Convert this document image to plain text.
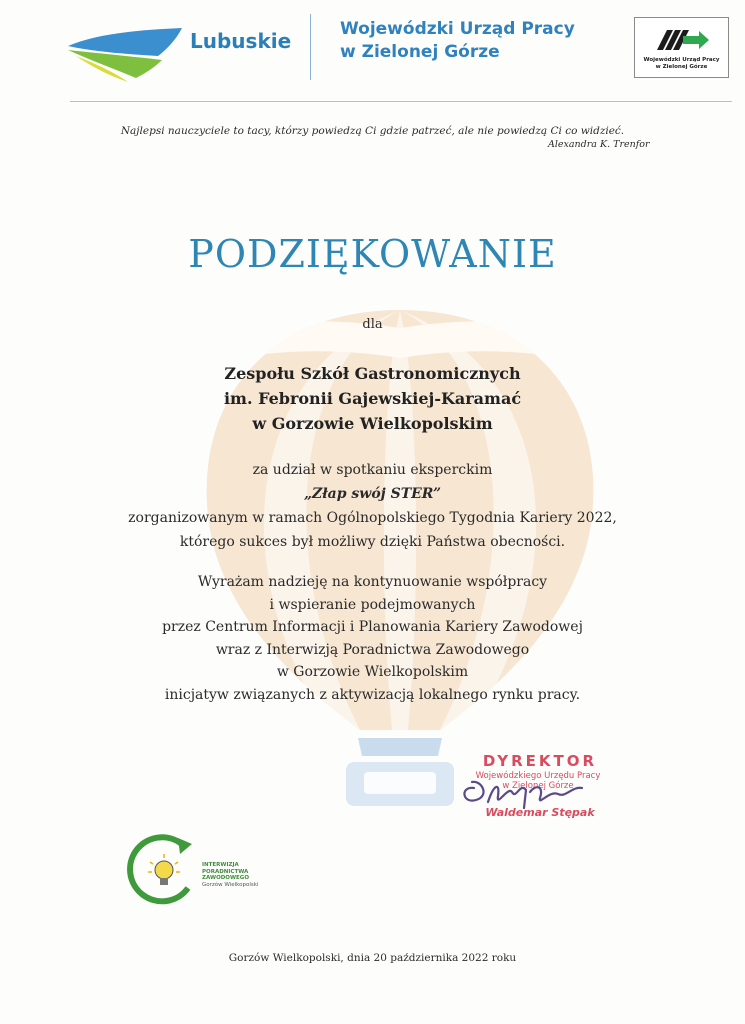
Lubuskie	Wojewódzki Urząd Pracy
w Zielonej Górze	Wojewódzki Urząd Pracy
w Zielonej Górze
Najlepsi nauczyciele to tacy, którzy powiedzą Ci gdzie patrzeć, ale nie powiedzą Ci co widzieć.
Alexandra K. Trenfor
PODZIĘKOWANIE
dla
Zespołu Szkół Gastronomicznych
im. Febronii Gajewskiej-Karamać
w Gorzowie Wielkopolskim
za udział w spotkaniu eksperckim
„Złap swój STER”
zorganizowanym w ramach Ogólnopolskiego Tygodnia Kariery 2022,
którego sukces był możliwy dzięki Państwa obecności.
Wyrażam nadzieję na kontynuowanie współpracy
i wspieranie podejmowanych
przez Centrum Informacji i Planowania Kariery Zawodowej
wraz z Interwizją Poradnictwa Zawodowego
w Gorzowie Wielkopolskim
inicjatyw związanych z aktywizacją lokalnego rynku pracy.
DYREKTOR
Wojewódzkiego Urzędu Pracy
w Zielonej Górze
Waldemar Stępak
INTERWIZJA
PORADNICTWA
ZAWODOWEGO
Gorzów Wielkopolski
Gorzów Wielkopolski, dnia 20 października 2022 roku
